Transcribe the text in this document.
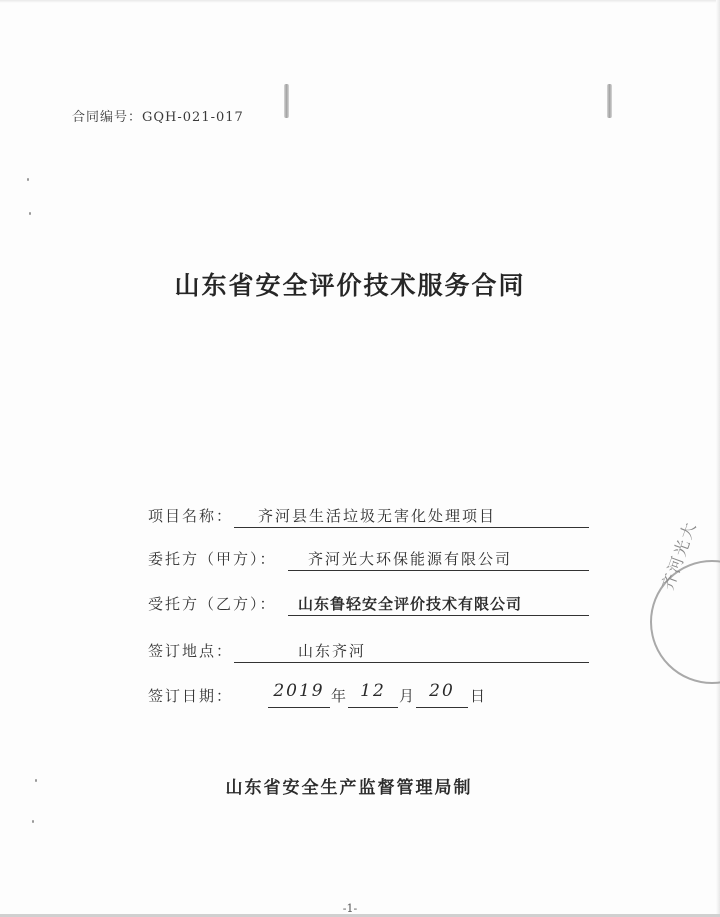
合同编号：GQH-021-017
山东省安全评价技术服务合同
项目名称： 齐河县生活垃圾无害化处理项目
委托方（甲方）： 齐河光大环保能源有限公司
受托方（乙方）： 山东鲁轻安全评价技术有限公司
签订地点：	山东齐河
签订日期： 2019 年 12 月 20	日
齐河光大
山东省安全生产监督管理局制
-1-
